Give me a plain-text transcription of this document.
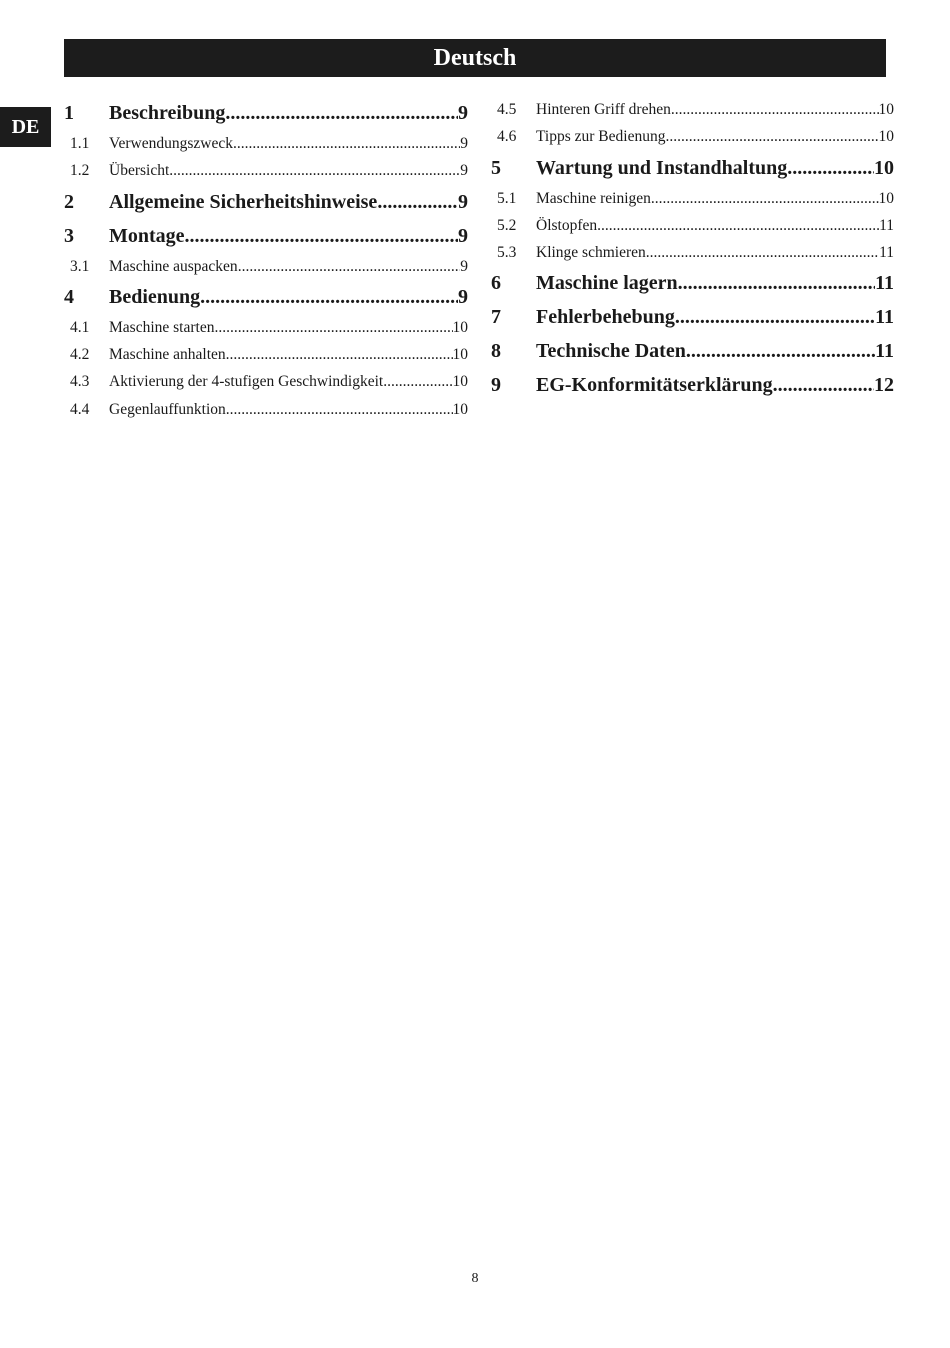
Deutsch
DE
1	Beschreibung .....	9
1.1	Verwendungszweck .....	9
1.2	Übersicht .....	9
2	Allgemeine Sicherheitshinweise .....	9
3	Montage .....	9
3.1	Maschine auspacken .....	9
4	Bedienung .....	9
4.1	Maschine starten .....	10
4.2	Maschine anhalten .....	10
4.3	Aktivierung der 4-stufigen Geschwindigkeit .....	10
4.4	Gegenlauffunktion .....	10
4.5	Hinteren Griff drehen .....	10
4.6	Tipps zur Bedienung .....	10
5	Wartung und Instandhaltung .....	10
5.1	Maschine reinigen .....	10
5.2	Ölstopfen .....	11
5.3	Klinge schmieren .....	11
6	Maschine lagern .....	11
7	Fehlerbehebung .....	11
8	Technische Daten .....	11
9	EG-Konformitätserklärung .....	12
8
